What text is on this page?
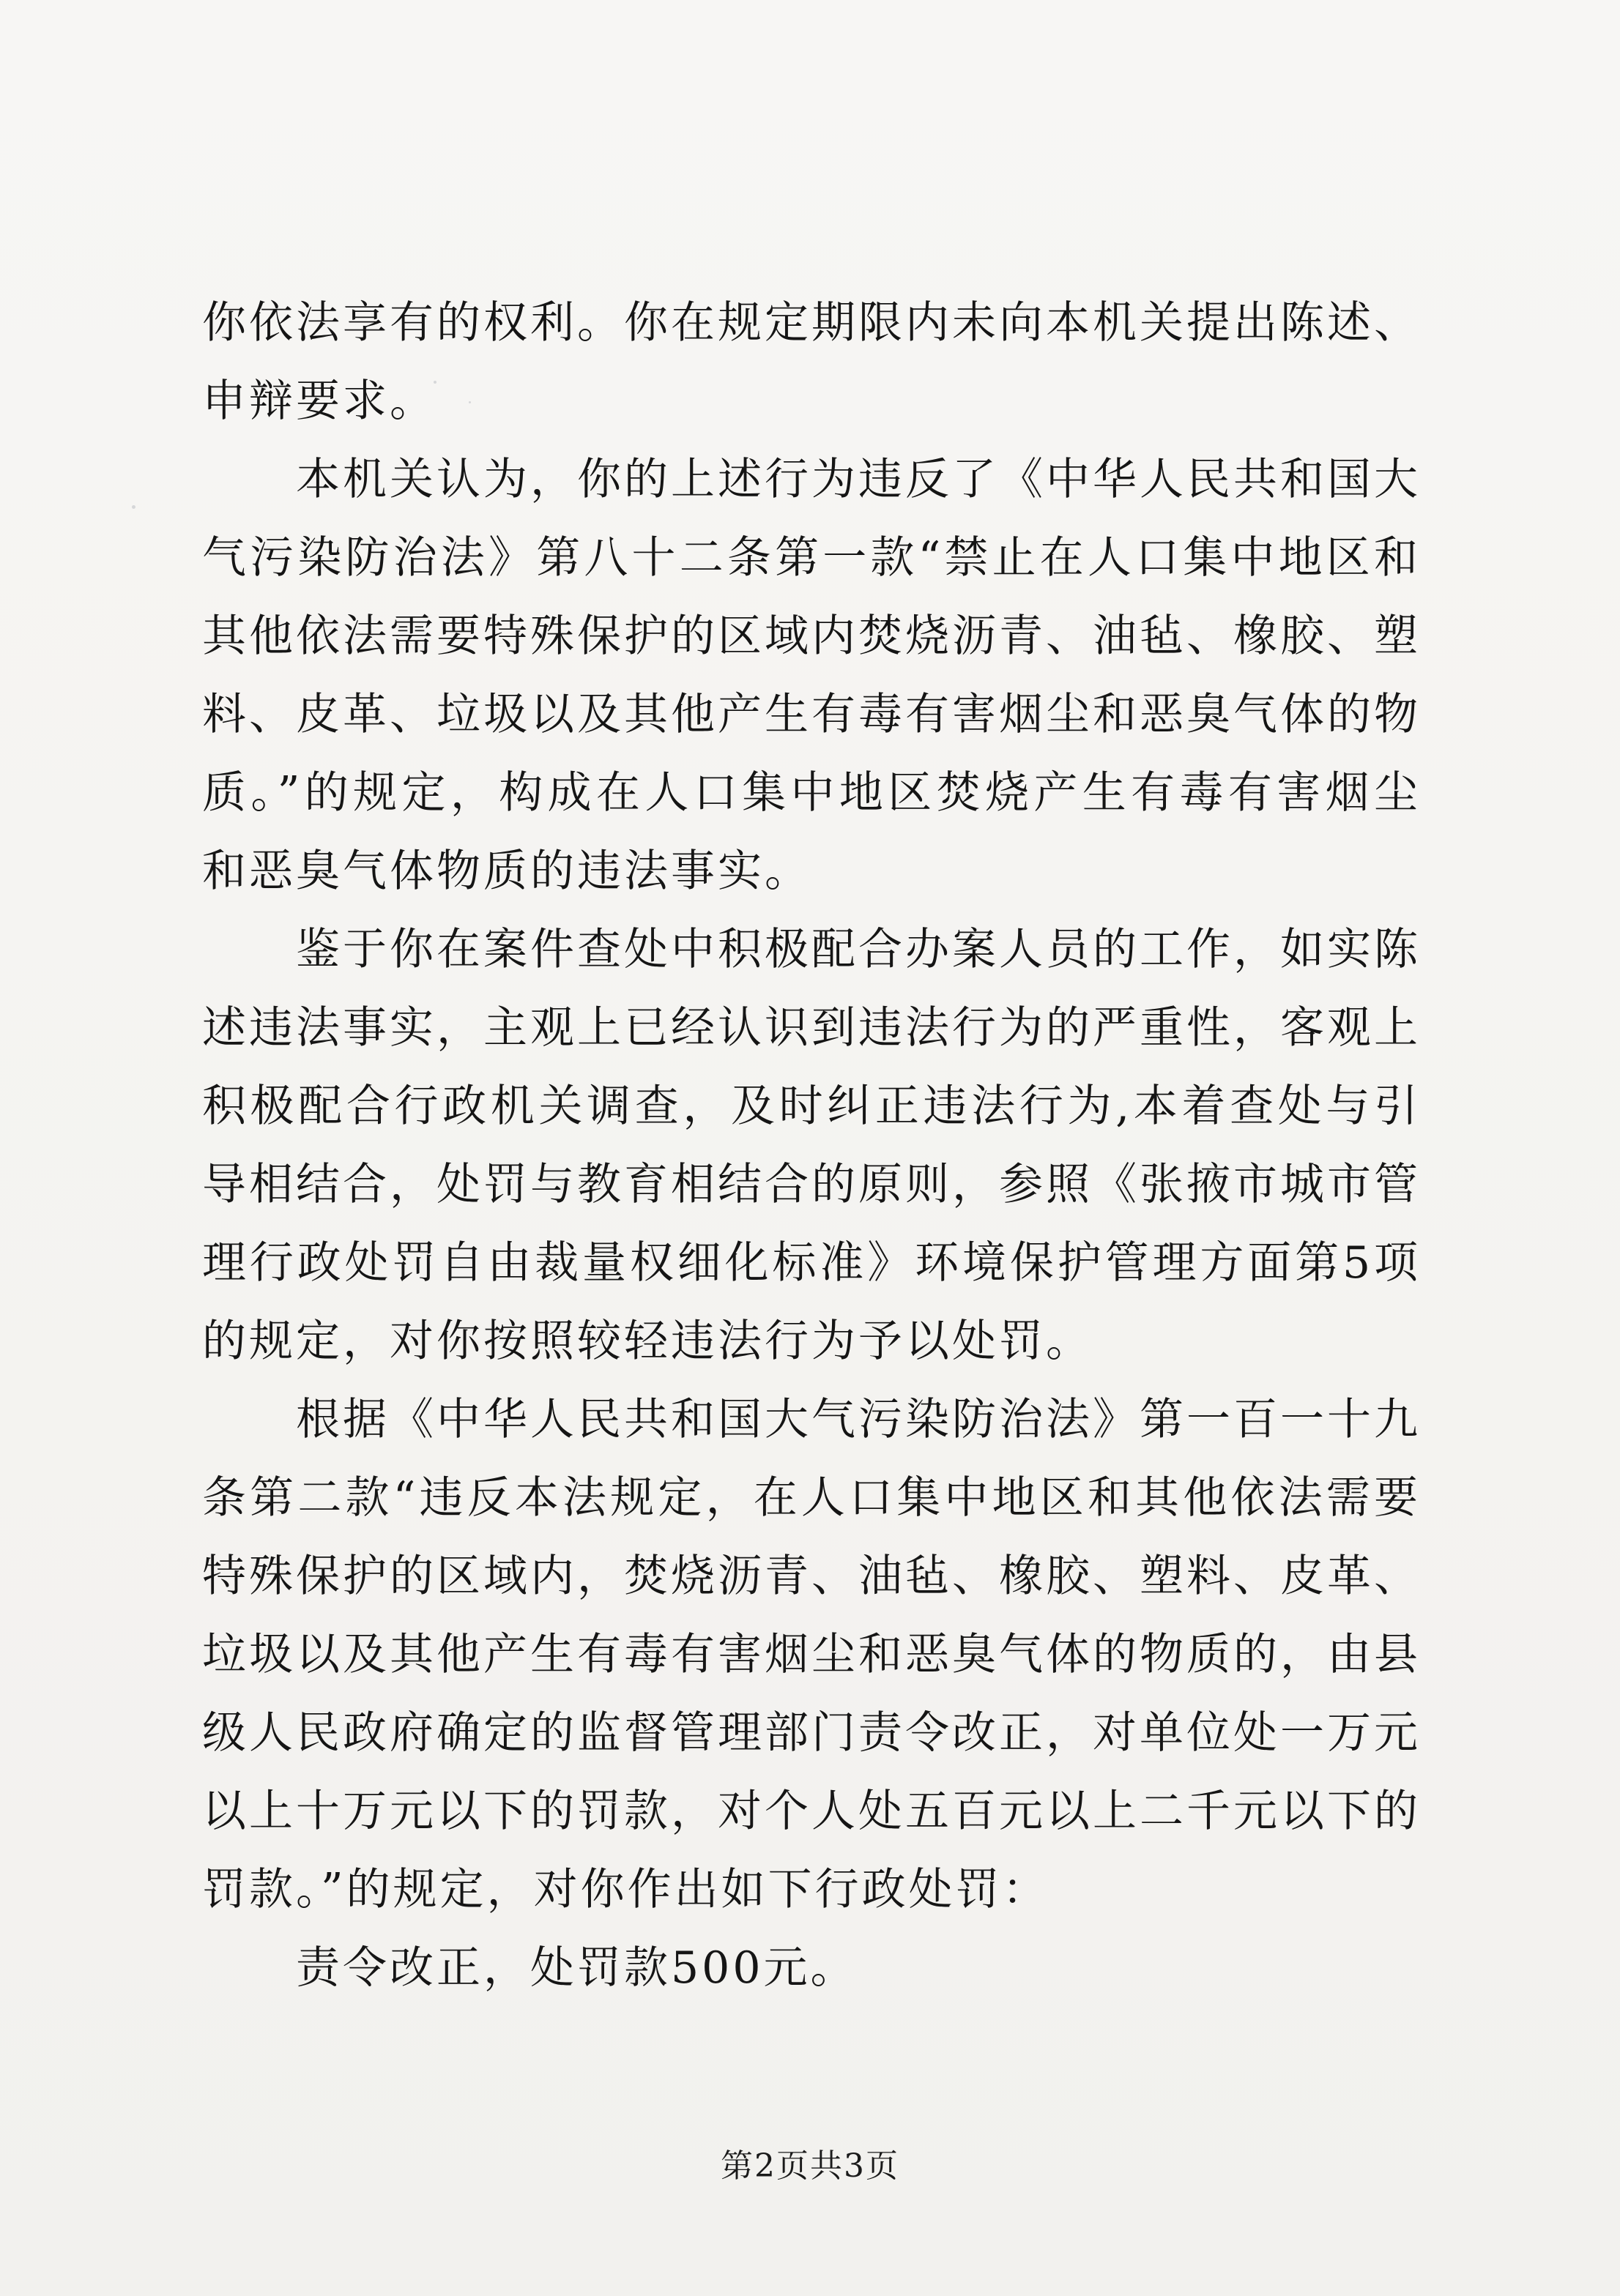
你依法享有的权利。你在规定期限内未向本机关提出陈述、申辩要求。

本机关认为，你的上述行为违反了《中华人民共和国大气污染防治法》第八十二条第一款“禁止在人口集中地区和其他依法需要特殊保护的区域内焚烧沥青、油毡、橡胶、塑料、皮革、垃圾以及其他产生有毒有害烟尘和恶臭气体的物质。”的规定，构成在人口集中地区焚烧产生有毒有害烟尘和恶臭气体物质的违法事实。

鉴于你在案件查处中积极配合办案人员的工作，如实陈述违法事实，主观上已经认识到违法行为的严重性，客观上积极配合行政机关调查，及时纠正违法行为,本着查处与引导相结合，处罚与教育相结合的原则，参照《张掖市城市管理行政处罚自由裁量权细化标准》环境保护管理方面第5项的规定，对你按照较轻违法行为予以处罚。

根据《中华人民共和国大气污染防治法》第一百一十九条第二款“违反本法规定，在人口集中地区和其他依法需要特殊保护的区域内，焚烧沥青、油毡、橡胶、塑料、皮革、垃圾以及其他产生有毒有害烟尘和恶臭气体的物质的，由县级人民政府确定的监督管理部门责令改正，对单位处一万元以上十万元以下的罚款，对个人处五百元以上二千元以下的罚款。”的规定，对你作出如下行政处罚：

责令改正，处罚款500元。

第2页共3页
